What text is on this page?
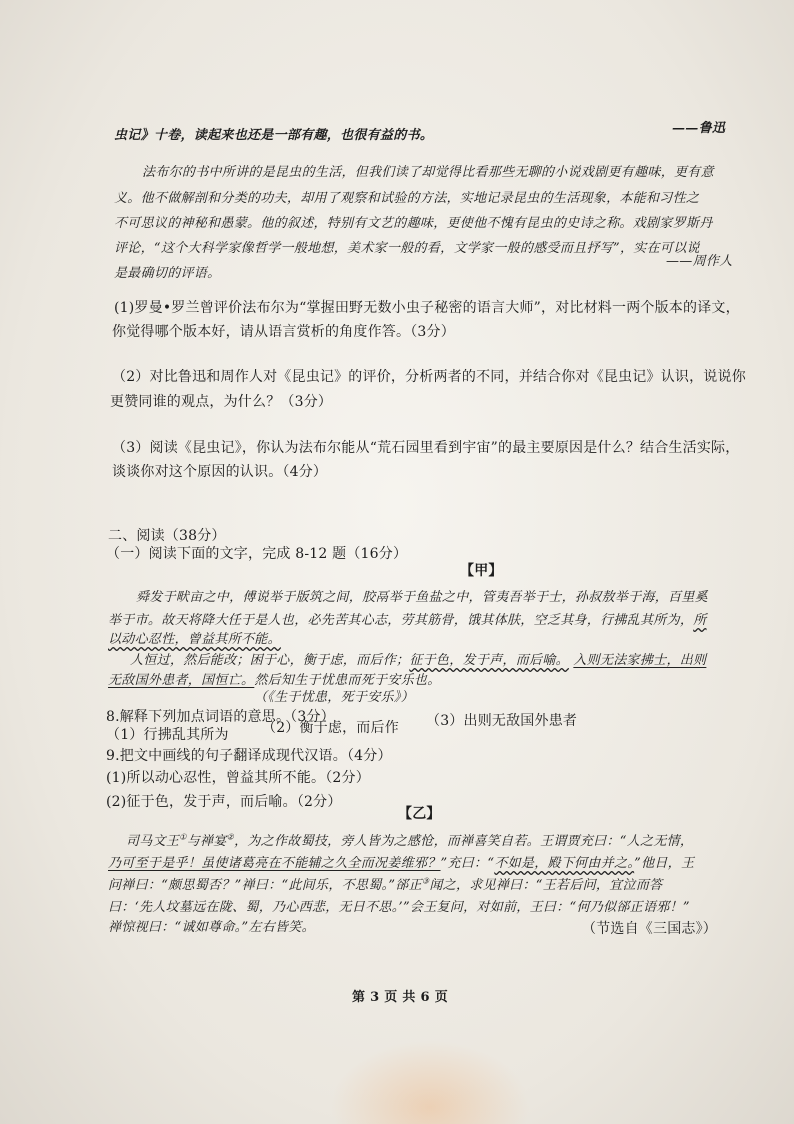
虫记》十卷，读起来也还是一部有趣，也很有益的书。	——鲁迅
法布尔的书中所讲的是昆虫的生活，但我们读了却觉得比看那些无聊的小说戏剧更有趣味，更有意
义。他不做解剖和分类的功夫，却用了观察和试验的方法，实地记录昆虫的生活现象，本能和习性之
不可思议的神秘和愚蒙。他的叙述，特别有文艺的趣味，更使他不愧有昆虫的史诗之称。戏剧家罗斯丹
评论，“这个大科学家像哲学一般地想，美术家一般的看，文学家一般的感受而且抒写”，实在可以说
是最确切的评语。
——周作人
(1)罗曼•罗兰曾评价法布尔为“掌握田野无数小虫子秘密的语言大师”，对比材料一两个版本的译文，
你觉得哪个版本好，请从语言赏析的角度作答。（3分）
（2）对比鲁迅和周作人对《昆虫记》的评价，分析两者的不同，并结合你对《昆虫记》认识，说说你
更赞同谁的观点，为什么？（3分）
（3）阅读《昆虫记》，你认为法布尔能从“荒石园里看到宇宙”的最主要原因是什么？结合生活实际，
谈谈你对这个原因的认识。（4分）
二、阅读（38分）
（一）阅读下面的文字，完成 8-12 题（16分）
【甲】
舜发于畎亩之中，傅说举于版筑之间，胶鬲举于鱼盐之中，管夷吾举于士，孙叔敖举于海，百里奚
举于市。故天将降大任于是人也，必先苦其心志，劳其筋骨，饿其体肤，空乏其身，行拂乱其所为，所
以动心忍性，曾益其所不能。
人恒过，然后能改；困于心，衡于虑，而后作；征于色，发于声，而后喻。 入则无法家拂士，出则
无敌国外患者，国恒亡。然后知生于忧患而死于安乐也。
（《生于忧患，死于安乐》）
8.解释下列加点词语的意思。（3分）
（1）行拂乱其所为 （2）衡于虑，而后作 （3）出则无敌国外患者
9.把文中画线的句子翻译成现代汉语。（4分）
(1)所以动心忍性，曾益其所不能。（2分）
(2)征于色，发于声，而后喻。（2分）
【乙】
司马文王①与禅宴②，为之作故蜀技，旁人皆为之感怆，而禅喜笑自若。王谓贾充曰：“人之无情，
乃可至于是乎！虽使诸葛亮在不能辅之久全而况姜维邪？”充曰：“不如是，殿下何由并之。”他日，王
问禅曰：“颇思蜀否？”禅曰：“此间乐，不思蜀。”郤正③闻之，求见禅曰：“王若后问，宜泣而答
曰：‘先人坟墓远在陇、蜀，乃心西悲，无日不思。’”会王复问，对如前，王曰：“何乃似郤正语邪！”
禅惊视曰：“诚如尊命。”左右皆笑。	（节选自《三国志》）
第 3 页 共 6 页
